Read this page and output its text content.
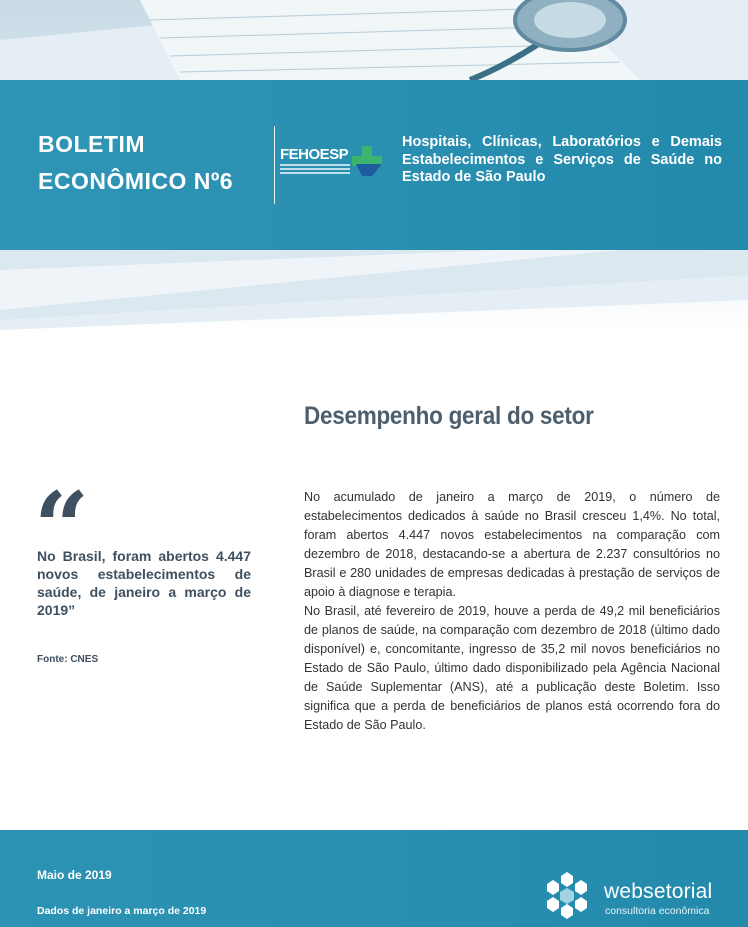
BOLETIM
ECONÔMICO Nº6
FEHOESP
Hospitais, Clínicas, Laboratórios e Demais Estabelecimentos e Serviços de Saúde no Estado de São Paulo
Desempenho geral do setor
“
No Brasil, foram abertos 4.447 novos estabelecimentos de saúde, de janeiro a março de 2019”
Fonte: CNES

No acumulado de janeiro a março de 2019, o número de estabelecimentos dedicados à saúde no Brasil cresceu 1,4%. No total, foram abertos 4.447 novos estabelecimentos na comparação com dezembro de 2018, destacando-se a abertura de 2.237 consultórios no Brasil e 280 unidades de empresas dedicadas à prestação de serviços de apoio à diagnose e terapia.

No Brasil, até fevereiro de 2019, houve a perda de 49,2 mil beneficiários de planos de saúde, na comparação com dezembro de 2018 (último dado disponível) e, concomitante, ingresso de 35,2 mil novos beneficiários no Estado de São Paulo, último dado disponibilizado pela Agência Nacional de Saúde Suplementar (ANS), até a publicação deste Boletim. Isso significa que a perda de beneficiários de planos está ocorrendo fora do Estado de São Paulo.

Maio de 2019
Dados de janeiro a março de 2019
websetorial
consultoria econômica
